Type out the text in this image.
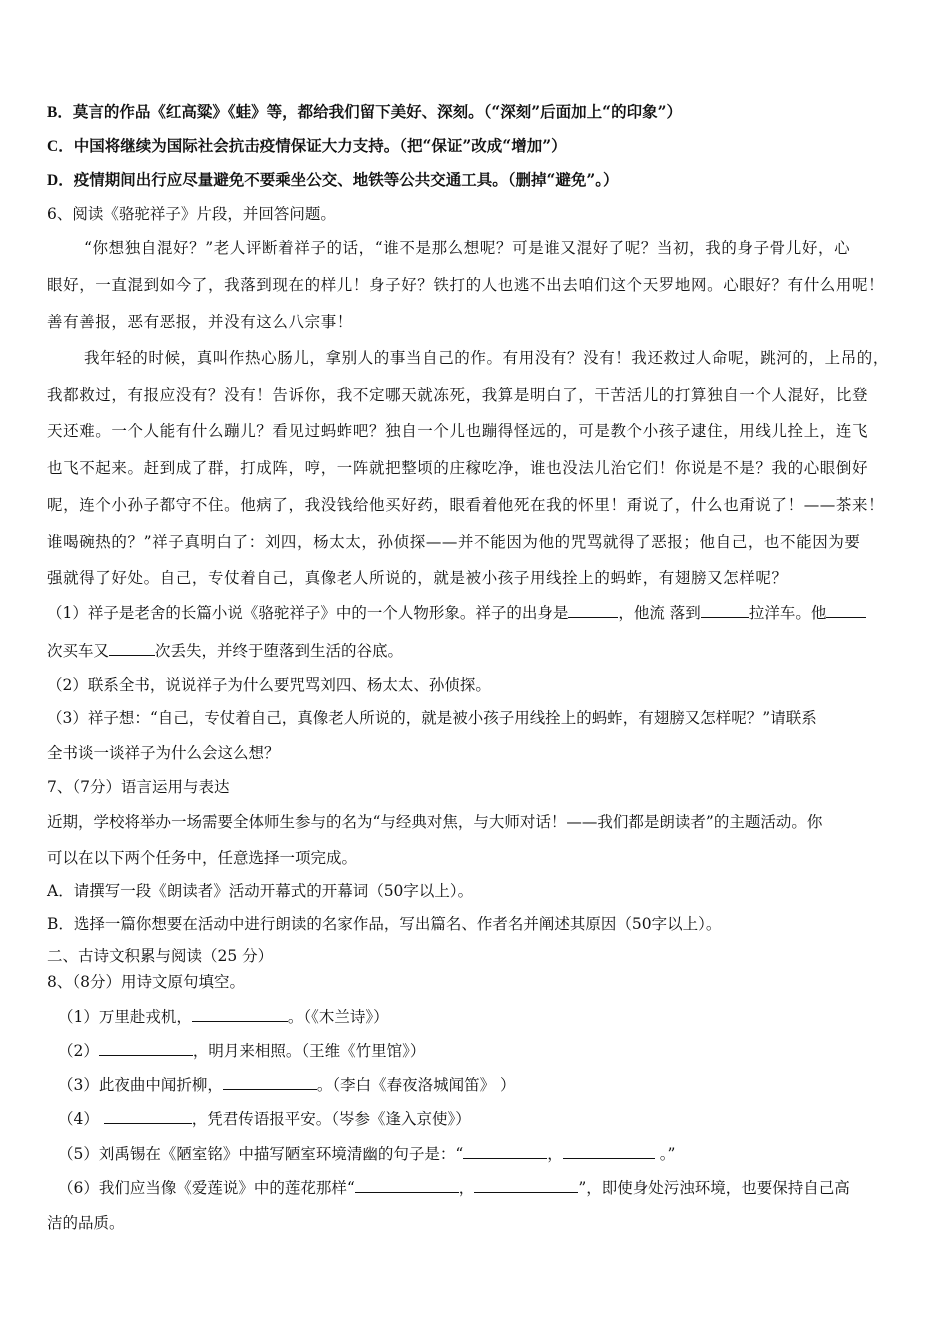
B．莫言的作品《红高粱》《蛙》等，都给我们留下美好、深刻。（“深刻”后面加上“的印象”）
C．中国将继续为国际社会抗击疫情保证大力支持。（把“保证”改成“增加”）
D．疫情期间出行应尽量避免不要乘坐公交、地铁等公共交通工具。（删掉“避免”。）
6、阅读《骆驼祥子》片段，并回答问题。
“你想独自混好？”老人评断着祥子的话，“谁不是那么想呢？可是谁又混好了呢？当初，我的身子骨儿好，心
眼好，一直混到如今了，我落到现在的样儿！身子好？铁打的人也逃不出去咱们这个天罗地网。心眼好？有什么用呢！
善有善报，恶有恶报，并没有这么八宗事！
我年轻的时候，真叫作热心肠儿，拿别人的事当自己的作。有用没有？没有！我还救过人命呢，跳河的，上吊的，
我都救过，有报应没有？没有！告诉你，我不定哪天就冻死，我算是明白了，干苦活儿的打算独自一个人混好，比登
天还难。一个人能有什么蹦儿？看见过蚂蚱吧？独自一个儿也蹦得怪远的，可是教个小孩子逮住，用线儿拴上，连飞
也飞不起来。赶到成了群，打成阵，哼，一阵就把整顷的庄稼吃净，谁也没法儿治它们！你说是不是？我的心眼倒好
呢，连个小孙子都守不住。他病了，我没钱给他买好药，眼看着他死在我的怀里！甭说了，什么也甭说了！——茶来！
谁喝碗热的？”祥子真明白了：刘四，杨太太，孙侦探——并不能因为他的咒骂就得了恶报；他自己，也不能因为要
强就得了好处。自己，专仗着自己，真像老人所说的，就是被小孩子用线拴上的蚂蚱，有翅膀又怎样呢？
（1）祥子是老舍的长篇小说《骆驼祥子》中的一个人物形象。祥子的出身是	，他流 落到	拉洋车。他
次买车又	次丢失，并终于堕落到生活的谷底。
（2）联系全书，说说祥子为什么要咒骂刘四、杨太太、孙侦探。
（3）祥子想：“自己，专仗着自己，真像老人所说的，就是被小孩子用线拴上的蚂蚱，有翅膀又怎样呢？”请联系
全书谈一谈祥子为什么会这么想？
7、（7分）语言运用与表达
近期，学校将举办一场需要全体师生参与的名为“与经典对焦，与大师对话！——我们都是朗读者”的主题活动。你
可以在以下两个任务中，任意选择一项完成。
A．请撰写一段《朗读者》活动开幕式的开幕词（50字以上）。
B．选择一篇你想要在活动中进行朗读的名家作品，写出篇名、作者名并阐述其原因（50字以上）。
二、古诗文积累与阅读（25 分）
8、（8分）用诗文原句填空。
（1）万里赴戎机，	。（《木兰诗》）
（2）	，明月来相照。（王维《竹里馆》）
（3）此夜曲中闻折柳，	。（李白《春夜洛城闻笛》 ）
（4）	，凭君传语报平安。（岑参《逢入京使》）
（5）刘禹锡在《陋室铭》中描写陋室环境清幽的句子是：“	，	。”
（6）我们应当像《爱莲说》中的莲花那样“	，	”，即使身处污浊环境，也要保持自己高
洁的品质。
